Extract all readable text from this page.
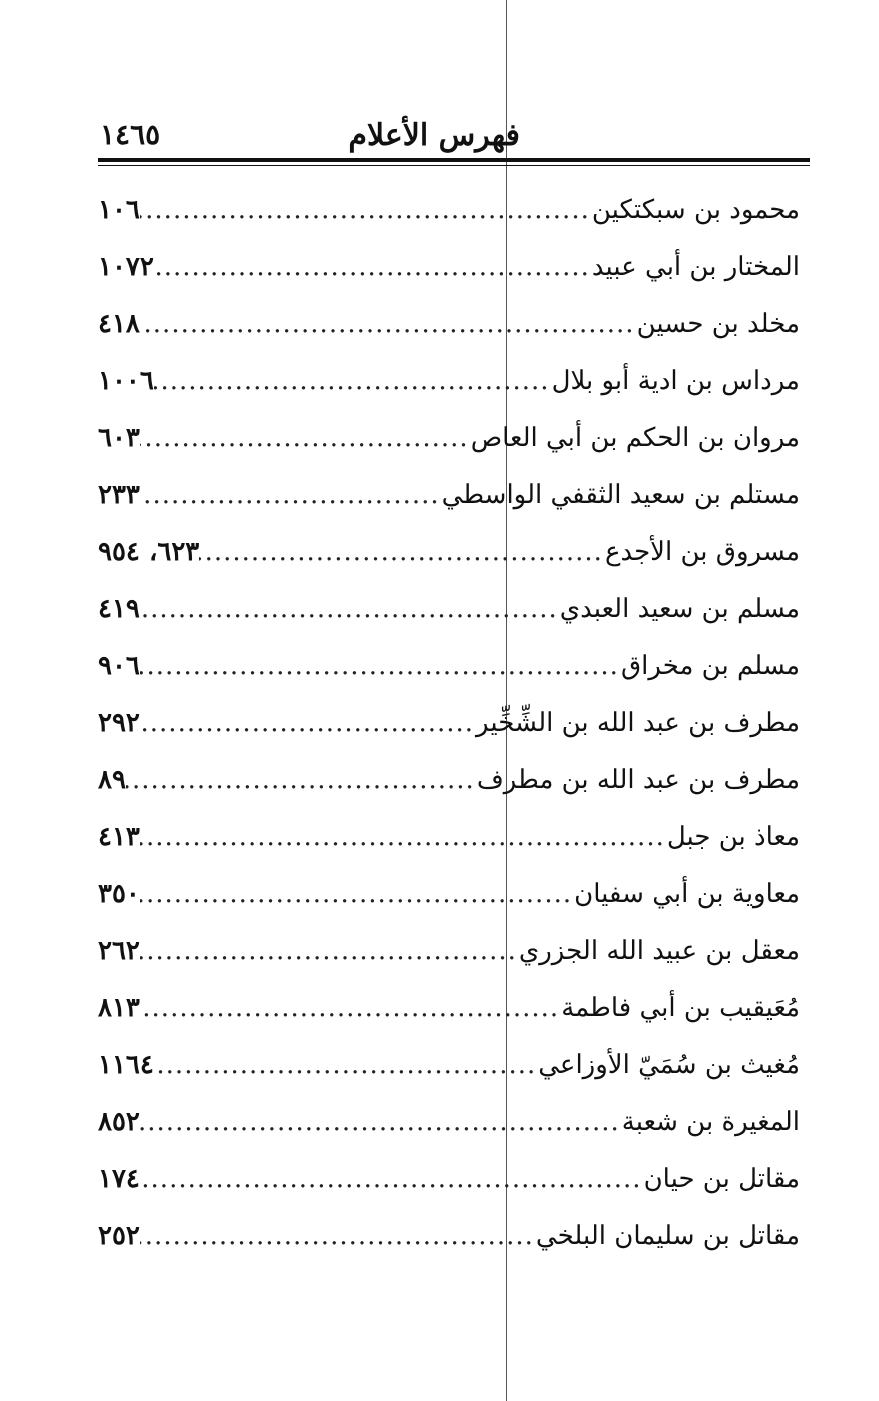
فهرس الأعلام
١٤٦٥
محمود بن سبكتكين
.....
١٠٦
المختار بن أبي عبيد
.....
١٠٧٢
مخلد بن حسين
.....
٤١٨
مرداس بن ادية أبو بلال
.....
١٠٠٦
مروان بن الحكم بن أبي العاص
.....
٦٠٣
مستلم بن سعيد الثقفي الواسطي
.....
٢٣٣
مسروق بن الأجدع
.....
٦٢٣، ٩٥٤
مسلم بن سعيد العبدي
.....
٤١٩
مسلم بن مخراق
.....
٩٠٦
مطرف بن عبد الله بن الشِّخِّير
.....
٢٩٢
مطرف بن عبد الله بن مطرف
.....
٨٩
معاذ بن جبل
.....
٤١٣
معاوية بن أبي سفيان
.....
٣٥٠
معقل بن عبيد الله الجزري
.....
٢٦٢
مُعَيقيب بن أبي فاطمة
.....
٨١٣
مُغيث بن سُمَيّ الأوزاعي
.....
١١٦٤
المغيرة بن شعبة
.....
٨٥٢
مقاتل بن حيان
.....
١٧٤
مقاتل بن سليمان البلخي
.....
٢٥٢
